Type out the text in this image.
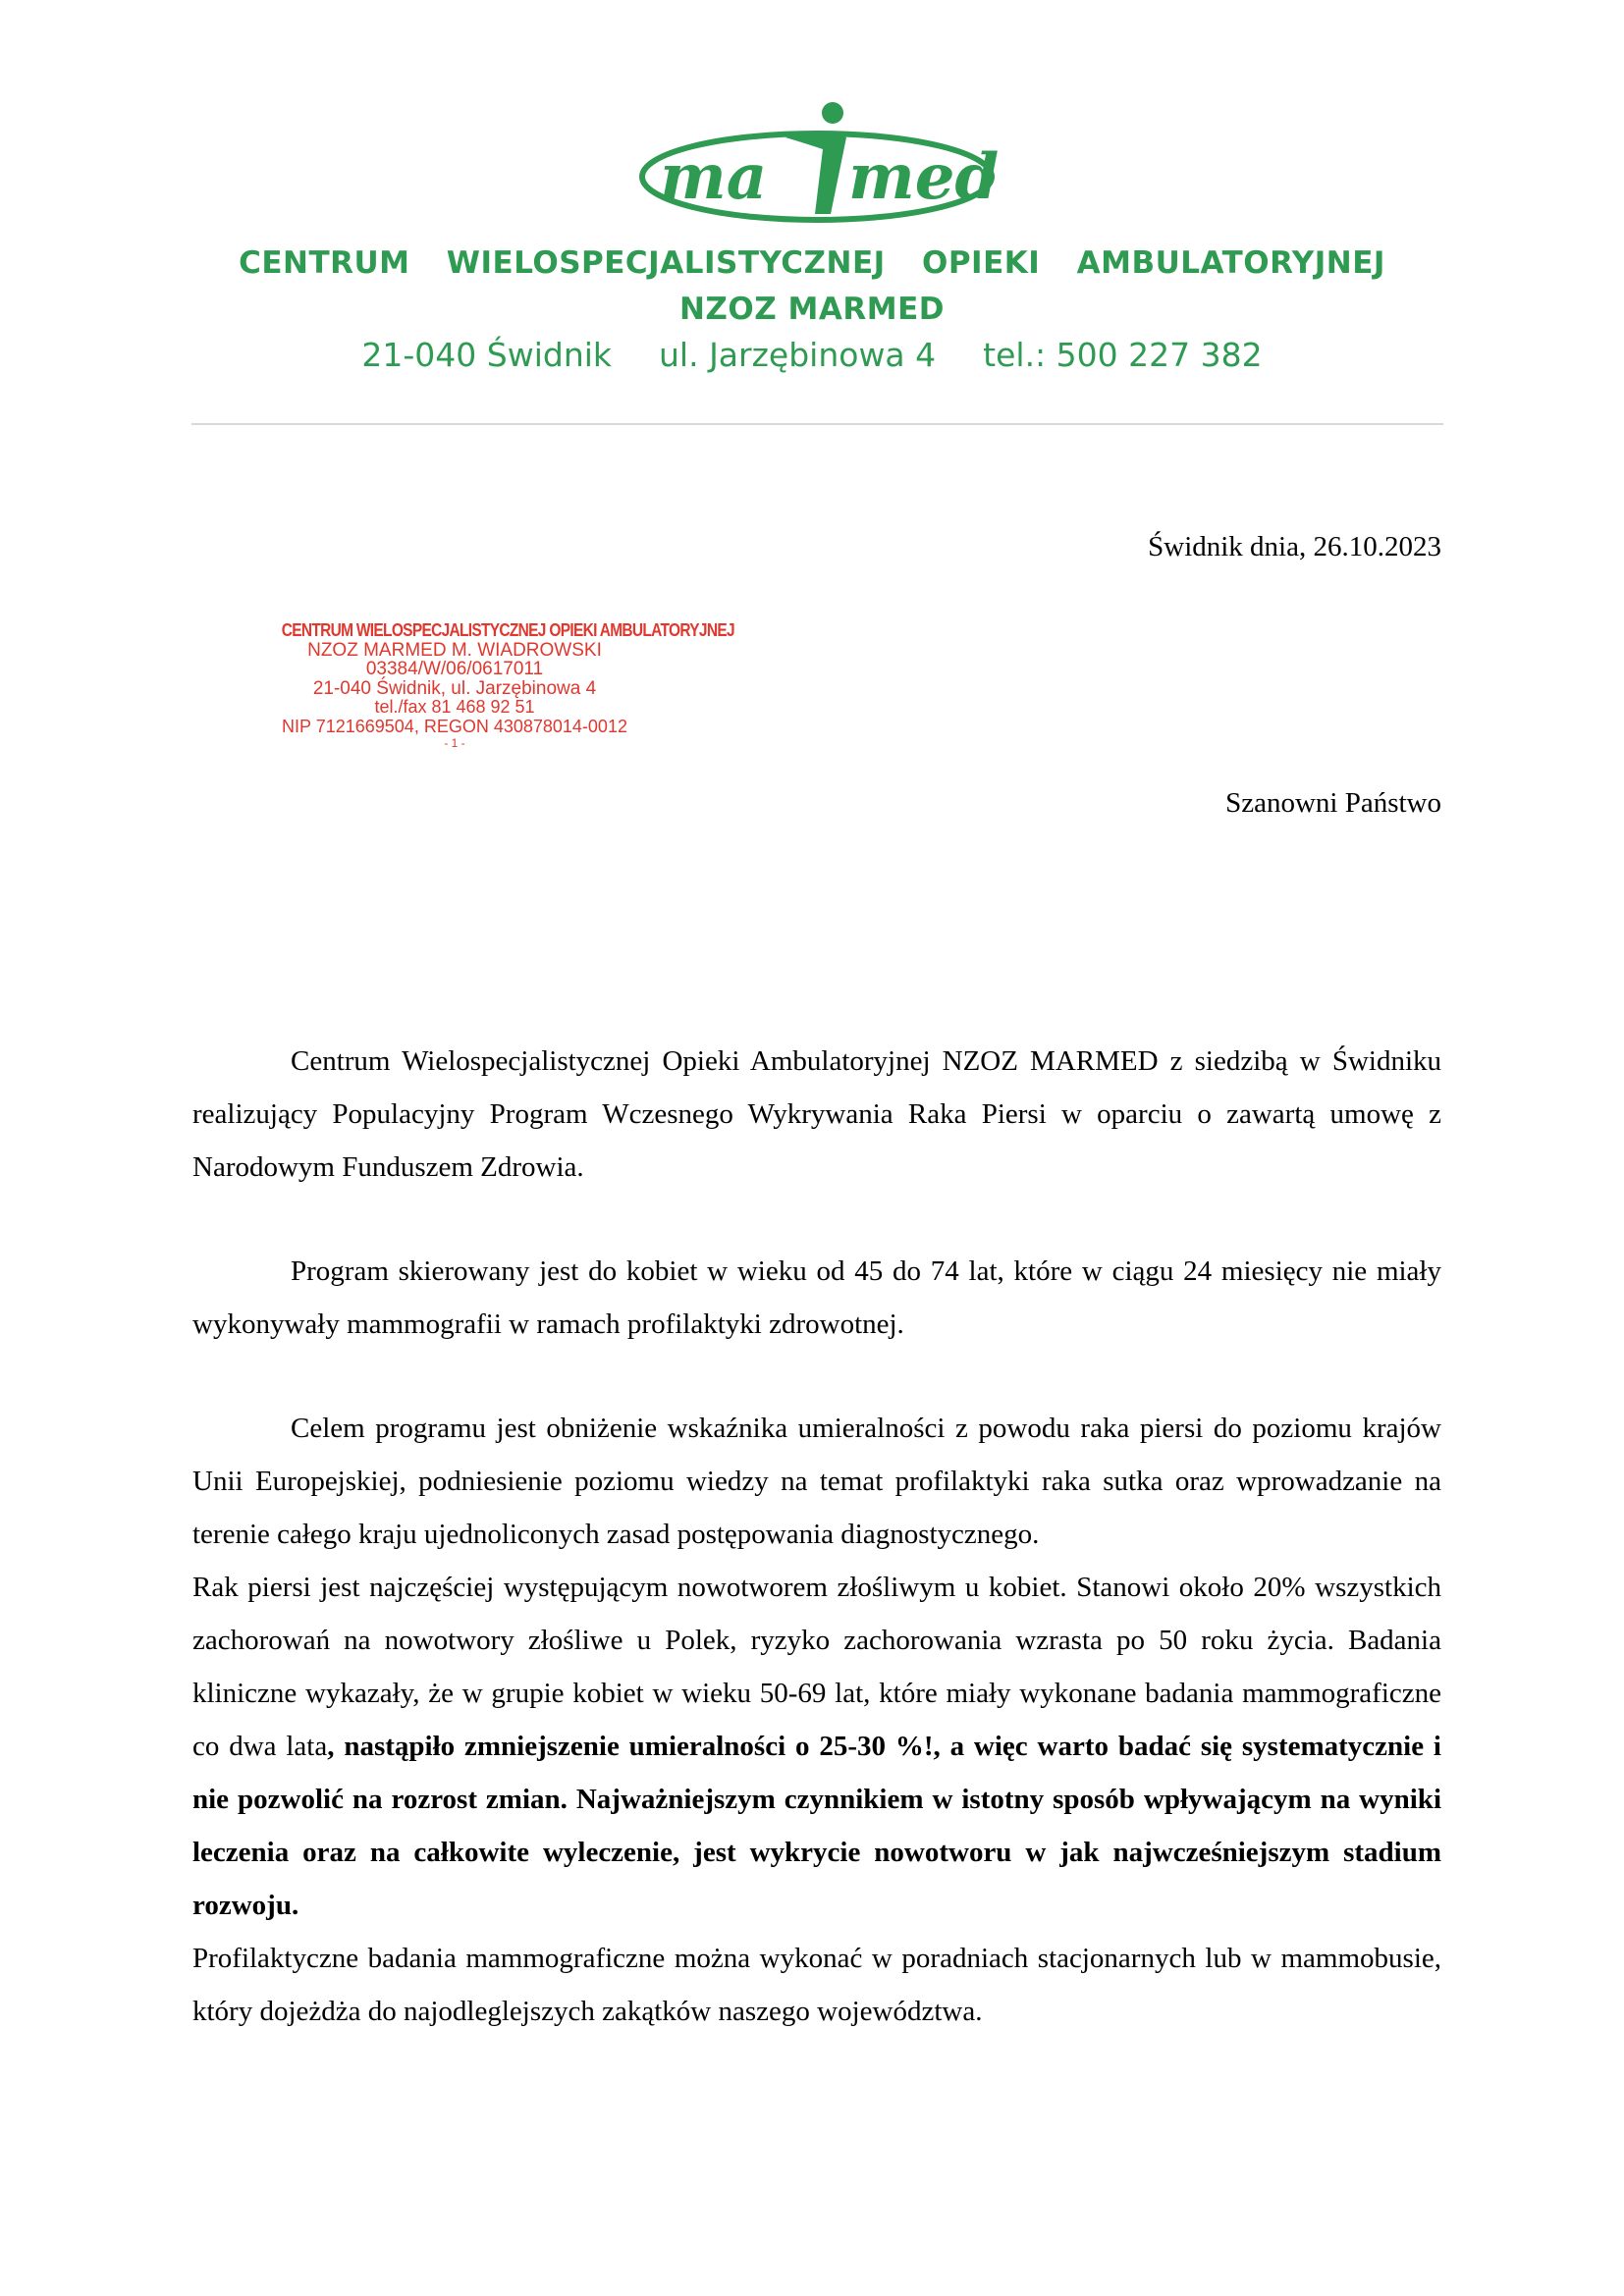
ma med
CENTRUM WIELOSPECJALISTYCZNEJ OPIEKI AMBULATORYJNEJ
NZOZ MARMED
21-040 Świdnik ul. Jarzębinowa 4 tel.: 500 227 382
Świdnik dnia, 26.10.2023
CENTRUM WIELOSPECJALISTYCZNEJ OPIEKI AMBULATORYJNEJ
NZOZ MARMED M. WIADROWSKI
03384/W/06/0617011
21-040 Świdnik, ul. Jarzębinowa 4
tel./fax 81 468 92 51
NIP 7121669504, REGON 430878014-0012
- 1 -
Szanowni Państwo

Centrum Wielospecjalistycznej Opieki Ambulatoryjnej NZOZ MARMED z siedzibą w Świdniku realizujący Populacyjny Program Wczesnego Wykrywania Raka Piersi w oparciu o zawartą umowę z Narodowym Funduszem Zdrowia.

Program skierowany jest do kobiet w wieku od 45 do 74 lat, które w ciągu 24 miesięcy nie miały wykonywały mammografii w ramach profilaktyki zdrowotnej.

Celem programu jest obniżenie wskaźnika umieralności z powodu raka piersi do poziomu krajów Unii Europejskiej, podniesienie poziomu wiedzy na temat profilaktyki raka sutka oraz wprowadzanie na terenie całego kraju ujednoliconych zasad postępowania diagnostycznego.

Rak piersi jest najczęściej występującym nowotworem złośliwym u kobiet. Stanowi około 20% wszystkich zachorowań na nowotwory złośliwe u Polek, ryzyko zachorowania wzrasta po 50 roku życia. Badania kliniczne wykazały, że w grupie kobiet w wieku 50-69 lat, które miały wykonane badania mammograficzne co dwa lata, nastąpiło zmniejszenie umieralności o 25-30 %!, a więc warto badać się systematycznie i nie pozwolić na rozrost zmian. Najważniejszym czynnikiem w istotny sposób wpływającym na wyniki leczenia oraz na całkowite wyleczenie, jest wykrycie nowotworu w jak najwcześniejszym stadium rozwoju.

Profilaktyczne badania mammograficzne można wykonać w poradniach stacjonarnych lub w mammobusie, który dojeżdża do najodleglejszych zakątków naszego województwa.
